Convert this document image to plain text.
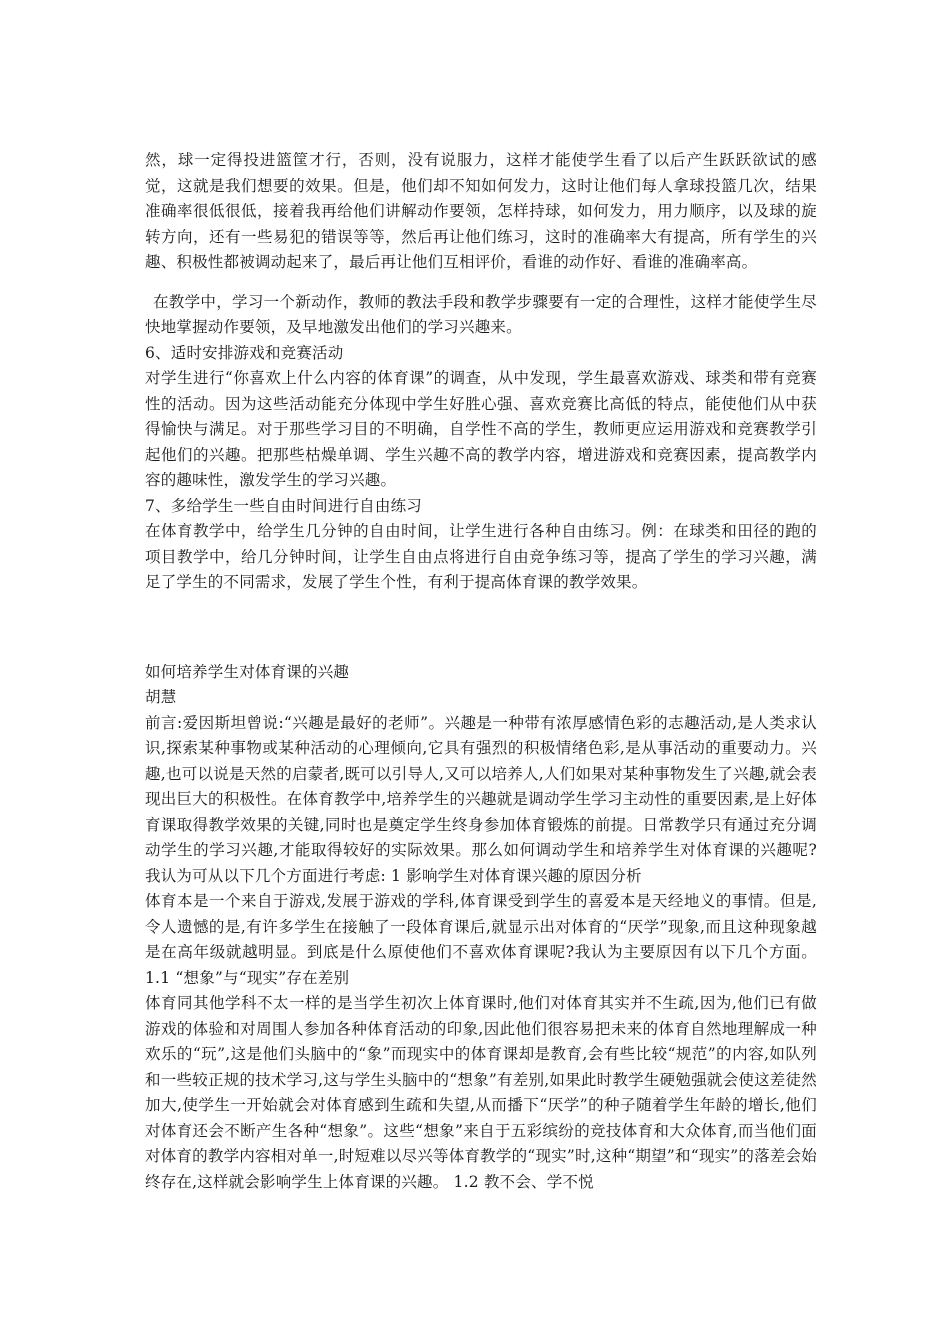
然，球一定得投进篮筐才行，否则，没有说服力，这样才能使学生看了以后产生跃跃欲试的感觉，这就是我们想要的效果。但是，他们却不知如何发力，这时让他们每人拿球投篮几次，结果准确率很低很低，接着我再给他们讲解动作要领，怎样持球，如何发力，用力顺序，以及球的旋转方向，还有一些易犯的错误等等，然后再让他们练习，这时的准确率大有提高，所有学生的兴趣、积极性都被调动起来了，最后再让他们互相评价，看谁的动作好、看谁的准确率高。

在教学中，学习一个新动作，教师的教法手段和教学步骤要有一定的合理性，这样才能使学生尽快地掌握动作要领，及早地激发出他们的学习兴趣来。

6、适时安排游戏和竞赛活动

对学生进行“你喜欢上什么内容的体育课”的调查，从中发现，学生最喜欢游戏、球类和带有竞赛性的活动。因为这些活动能充分体现中学生好胜心强、喜欢竞赛比高低的特点，能使他们从中获得愉快与满足。对于那些学习目的不明确，自学性不高的学生，教师更应运用游戏和竞赛教学引起他们的兴趣。把那些枯燥单调、学生兴趣不高的教学内容，增进游戏和竞赛因素，提高教学内容的趣味性，激发学生的学习兴趣。

7、多给学生一些自由时间进行自由练习

在体育教学中，给学生几分钟的自由时间，让学生进行各种自由练习。例：在球类和田径的跑的项目教学中，给几分钟时间，让学生自由点将进行自由竞争练习等，提高了学生的学习兴趣，满足了学生的不同需求，发展了学生个性，有利于提高体育课的教学效果。

如何培养学生对体育课的兴趣

胡慧

前言:爱因斯坦曾说:“兴趣是最好的老师”。兴趣是一种带有浓厚感情色彩的志趣活动,是人类求认识,探索某种事物或某种活动的心理倾向,它具有强烈的积极情绪色彩,是从事活动的重要动力。兴趣,也可以说是天然的启蒙者,既可以引导人,又可以培养人,人们如果对某种事物发生了兴趣,就会表现出巨大的积极性。在体育教学中,培养学生的兴趣就是调动学生学习主动性的重要因素,是上好体育课取得教学效果的关键,同时也是奠定学生终身参加体育锻炼的前提。日常教学只有通过充分调动学生的学习兴趣,才能取得较好的实际效果。那么如何调动学生和培养学生对体育课的兴趣呢?我认为可从以下几个方面进行考虑: 1 影响学生对体育课兴趣的原因分析

体育本是一个来自于游戏,发展于游戏的学科,体育课受到学生的喜爱本是天经地义的事情。但是,令人遗憾的是,有许多学生在接触了一段体育课后,就显示出对体育的“厌学”现象,而且这种现象越是在高年级就越明显。到底是什么原使他们不喜欢体育课呢?我认为主要原因有以下几个方面。 1.1 “想象”与“现实”存在差别

体育同其他学科不太一样的是当学生初次上体育课时,他们对体育其实并不生疏,因为,他们已有做游戏的体验和对周围人参加各种体育活动的印象,因此他们很容易把未来的体育自然地理解成一种欢乐的“玩”,这是他们头脑中的“象”而现实中的体育课却是教育,会有些比较“规范”的内容,如队列和一些较正规的技术学习,这与学生头脑中的“想象”有差别,如果此时教学生硬勉强就会使这差徒然加大,使学生一开始就会对体育感到生疏和失望,从而播下“厌学”的种子随着学生年龄的增长,他们对体育还会不断产生各种“想象”。这些“想象”来自于五彩缤纷的竞技体育和大众体育,而当他们面对体育的教学内容相对单一,时短难以尽兴等体育教学的“现实”时,这种“期望”和“现实”的落差会始终存在,这样就会影响学生上体育课的兴趣。 1.2 教不会、学不悦
